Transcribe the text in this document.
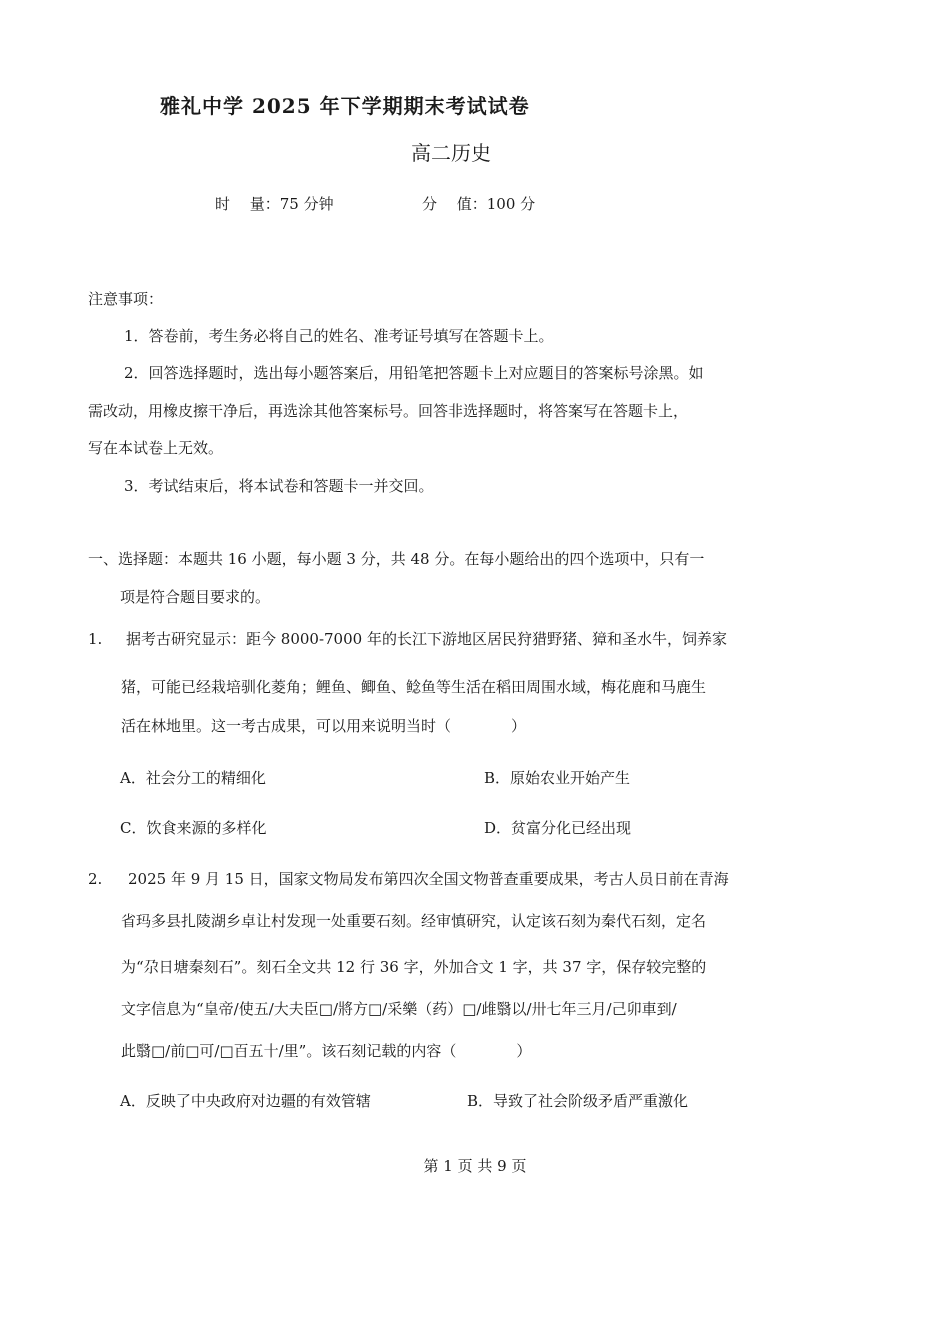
雅礼中学 2025 年下学期期末考试试卷
高二历史
时　 量：75 分钟	分　 值：100 分
注意事项：
1．答卷前，考生务必将自己的姓名、准考证号填写在答题卡上。
2．回答选择题时，选出每小题答案后，用铅笔把答题卡上对应题目的答案标号涂黑。如
需改动，用橡皮擦干净后，再选涂其他答案标号。回答非选择题时，将答案写在答题卡上，
写在本试卷上无效。
3．考试结束后，将本试卷和答题卡一并交回。
一、选择题：本题共 16 小题，每小题 3 分，共 48 分。在每小题给出的四个选项中，只有一
项是符合题目要求的。
1. 据考古研究显示：距今 8000-7000 年的长江下游地区居民狩猎野猪、獐和圣水牛，饲养家
猪，可能已经栽培驯化菱角；鲤鱼、鲫鱼、鲶鱼等生活在稻田周围水域，梅花鹿和马鹿生
活在林地里。这一考古成果，可以用来说明当时（　　　　）
A．社会分工的精细化	B．原始农业开始产生
C．饮食来源的多样化	D．贫富分化已经出现
2. 2025 年 9 月 15 日，国家文物局发布第四次全国文物普查重要成果，考古人员日前在青海
省玛多县扎陵湖乡卓让村发现一处重要石刻。经审慎研究，认定该石刻为秦代石刻，定名
为“尕日塘秦刻石”。刻石全文共 12 行 36 字，外加合文 1 字，共 37 字，保存较完整的
文字信息为“皇帝/使五/大夫臣□/將方□/采樂（药）□/䧳翳以/卅七年三月/己卯車到/
此翳□/前□可/□百五十/里”。该石刻记载的内容（　　　　）
A．反映了中央政府对边疆的有效管辖	B．导致了社会阶级矛盾严重激化
第 1 页 共 9 页
